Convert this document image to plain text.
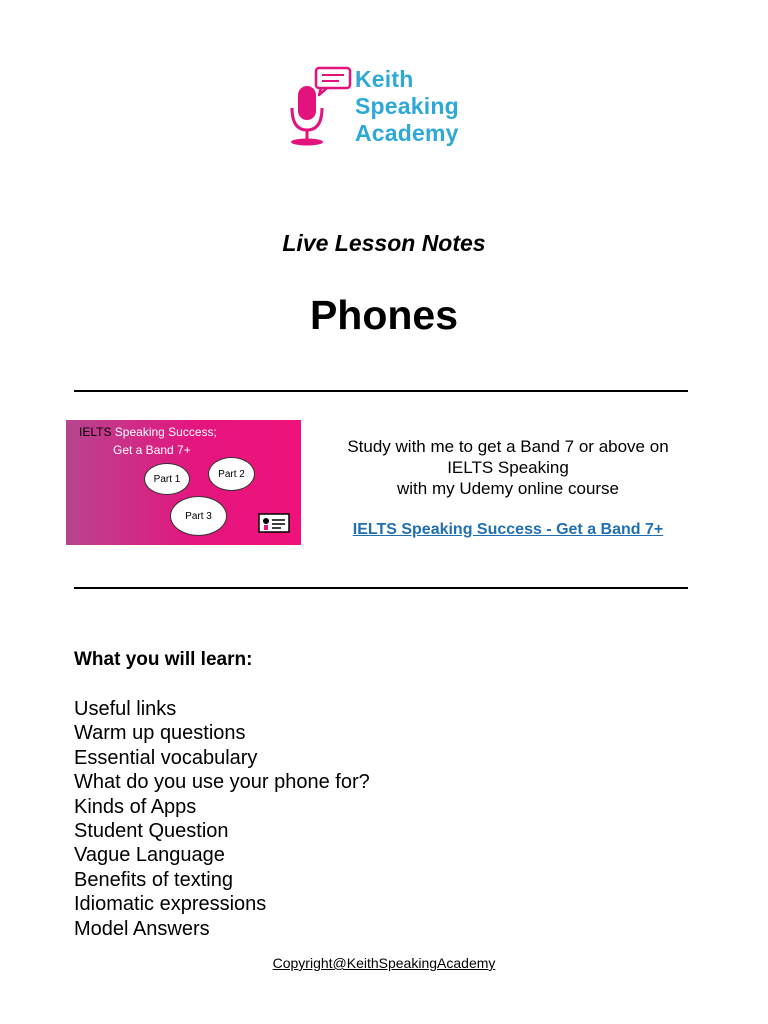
Keith
Speaking
Academy
Live Lesson Notes
Phones
IELTS Speaking Success;
Get a Band 7+
Part 1	Part 2
Part 3
Study with me to get a Band 7 or above on
IELTS Speaking
with my Udemy online course
IELTS Speaking Success - Get a Band 7+
What you will learn:
Useful links
Warm up questions
Essential vocabulary
What do you use your phone for?
Kinds of Apps
Student Question
Vague Language
Benefits of texting
Idiomatic expressions
Model Answers
Copyright@KeithSpeakingAcademy
